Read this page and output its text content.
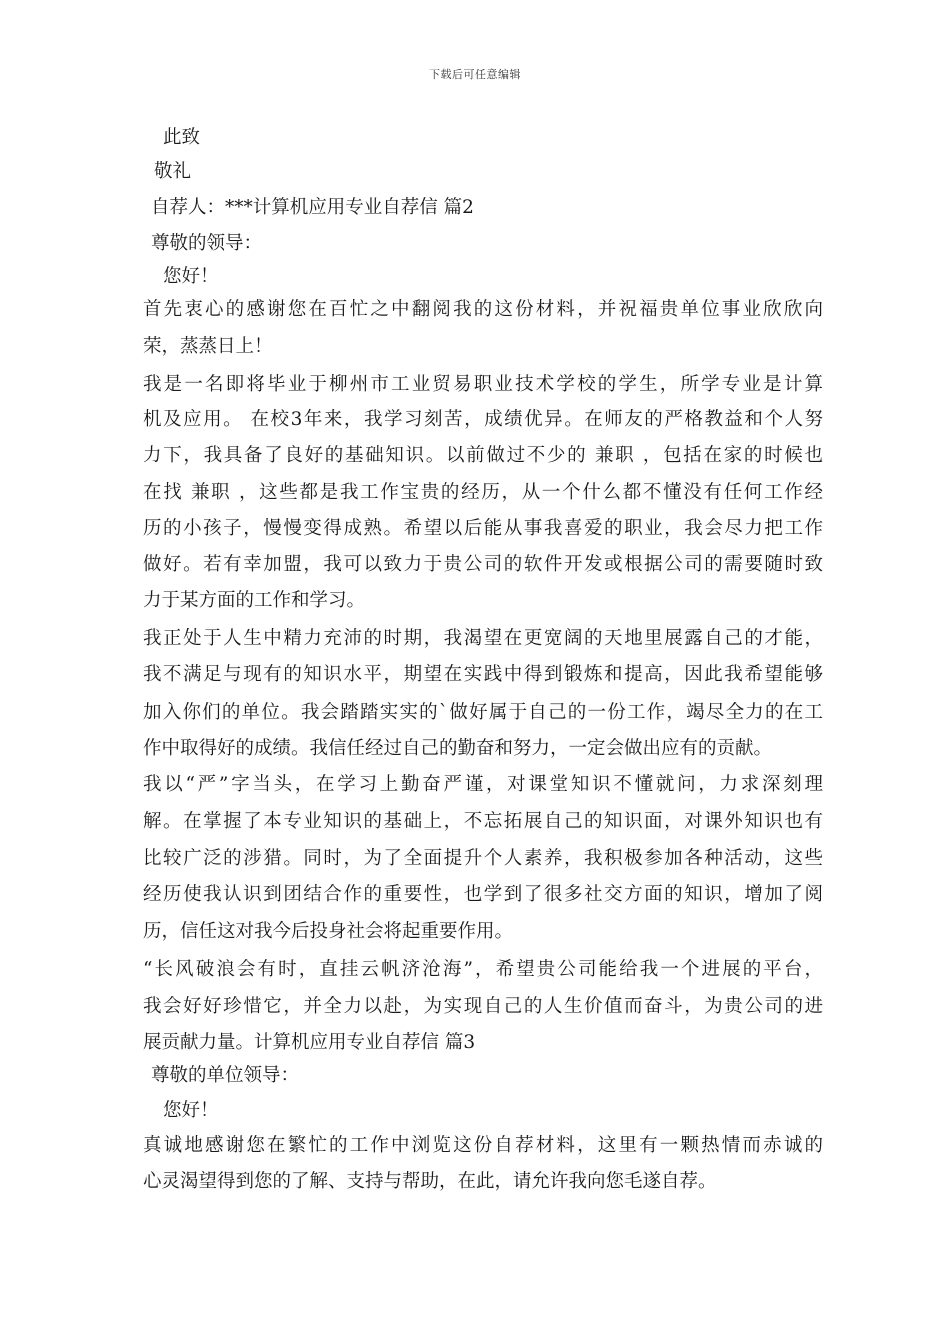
下载后可任意编辑
此致
敬礼
自荐人：***计算机应用专业自荐信 篇2
尊敬的领导：
您好！
首先衷心的感谢您在百忙之中翻阅我的这份材料，并祝福贵单位事业欣欣向
荣，蒸蒸日上！
我是一名即将毕业于柳州市工业贸易职业技术学校的学生，所学专业是计算
机及应用。 在校3年来，我学习刻苦，成绩优异。在师友的严格教益和个人努
力下，我具备了良好的基础知识。以前做过不少的 兼职 ，包括在家的时候也
在找 兼职 ，这些都是我工作宝贵的经历，从一个什么都不懂没有任何工作经
历的小孩子，慢慢变得成熟。希望以后能从事我喜爱的职业，我会尽力把工作
做好。若有幸加盟，我可以致力于贵公司的软件开发或根据公司的需要随时致
力于某方面的工作和学习。
我正处于人生中精力充沛的时期，我渴望在更宽阔的天地里展露自己的才能，
我不满足与现有的知识水平，期望在实践中得到锻炼和提高，因此我希望能够
加入你们的单位。我会踏踏实实的`做好属于自己的一份工作，竭尽全力的在工
作中取得好的成绩。我信任经过自己的勤奋和努力，一定会做出应有的贡献。
我以“严”字当头，在学习上勤奋严谨，对课堂知识不懂就问，力求深刻理
解。在掌握了本专业知识的基础上，不忘拓展自己的知识面，对课外知识也有
比较广泛的涉猎。同时，为了全面提升个人素养，我积极参加各种活动，这些
经历使我认识到团结合作的重要性，也学到了很多社交方面的知识，增加了阅
历，信任这对我今后投身社会将起重要作用。
“长风破浪会有时，直挂云帆济沧海”，希望贵公司能给我一个进展的平台，
我会好好珍惜它，并全力以赴，为实现自己的人生价值而奋斗，为贵公司的进
展贡献力量。计算机应用专业自荐信 篇3
尊敬的单位领导：
您好！
真诚地感谢您在繁忙的工作中浏览这份自荐材料，这里有一颗热情而赤诚的
心灵渴望得到您的了解、支持与帮助，在此，请允许我向您毛遂自荐。
